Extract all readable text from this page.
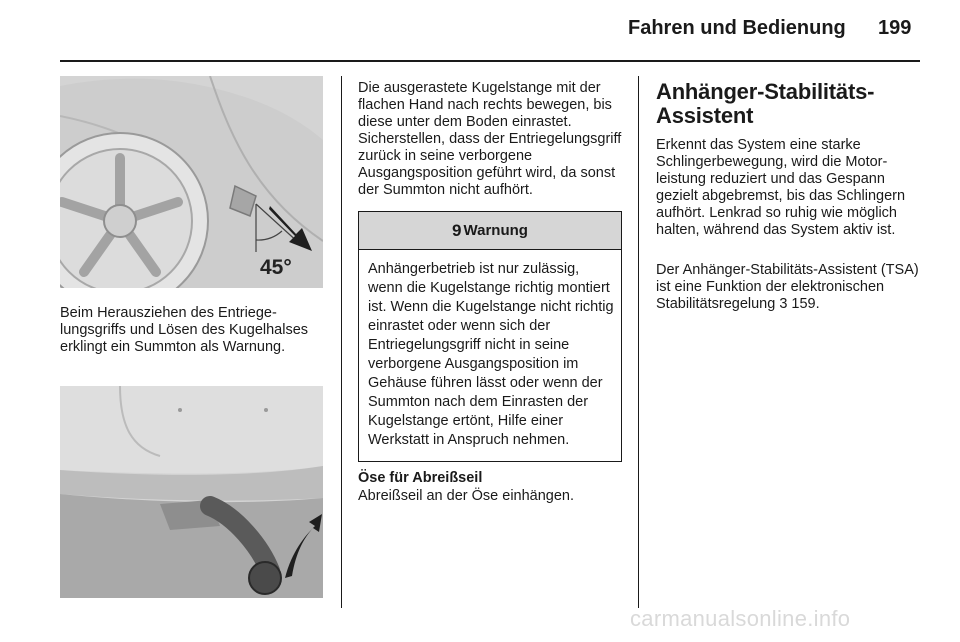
Fahren und Bedienung 199
45°

Beim Herausziehen des Entriegelungsgriffs und Lösen des Kugelhalses erklingt ein Summton als Warnung.

Die ausgerastete Kugelstange mit der flachen Hand nach rechts bewegen, bis diese unter dem Boden einrastet. Sicherstellen, dass der Entriegelungsgriff zurück in seine verborgene Ausgangsposition geführt wird, da sonst der Summton nicht aufhört.

9 Warnung

Anhängerbetrieb ist nur zulässig, wenn die Kugelstange richtig montiert ist. Wenn die Kugelstange nicht richtig einrastet oder wenn sich der Entriegelungsgriff nicht in seine verborgene Ausgangsposition im Gehäuse führen lässt oder wenn der Summton nach dem Einrasten der Kugelstange ertönt, Hilfe einer Werkstatt in Anspruch nehmen.

Öse für Abreißseil

Abreißseil an der Öse einhängen.

Anhänger-Stabilitäts-Assistent

Erkennt das System eine starke Schlingerbewegung, wird die Motorleistung reduziert und das Gespann gezielt abgebremst, bis das Schlingern aufhört. Lenkrad so ruhig wie möglich halten, während das System aktiv ist.

Der Anhänger-Stabilitäts-Assistent (TSA) ist eine Funktion der elektronischen Stabilitätsregelung 3 159.

carmanualsonline.info
